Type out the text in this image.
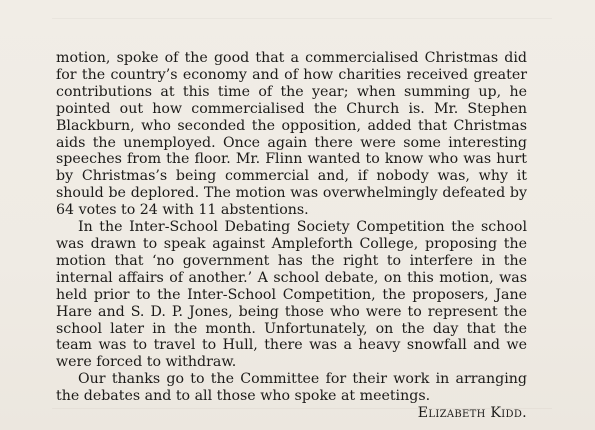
motion, spoke of the good that a commercialised Christmas did for the country’s economy and of how charities received greater contributions at this time of the year; when summing up, he pointed out how commercialised the Church is. Mr. Stephen Blackburn, who seconded the opposition, added that Christmas aids the unemployed. Once again there were some interesting speeches from the floor. Mr. Flinn wanted to know who was hurt by Christmas’s being commercial and, if nobody was, why it should be deplored. The motion was overwhelmingly defeated by 64 votes to 24 with 11 abstentions.

In the Inter-School Debating Society Competition the school was drawn to speak against Ampleforth College, proposing the motion that ‘no government has the right to interfere in the internal affairs of another.’ A school debate, on this motion, was held prior to the Inter-School Competition, the proposers, Jane Hare and S. D. P. Jones, being those who were to represent the school later in the month. Unfortunately, on the day that the team was to travel to Hull, there was a heavy snowfall and we were forced to withdraw.

Our thanks go to the Committee for their work in arranging the debates and to all those who spoke at meetings.

Elizabeth Kidd.
